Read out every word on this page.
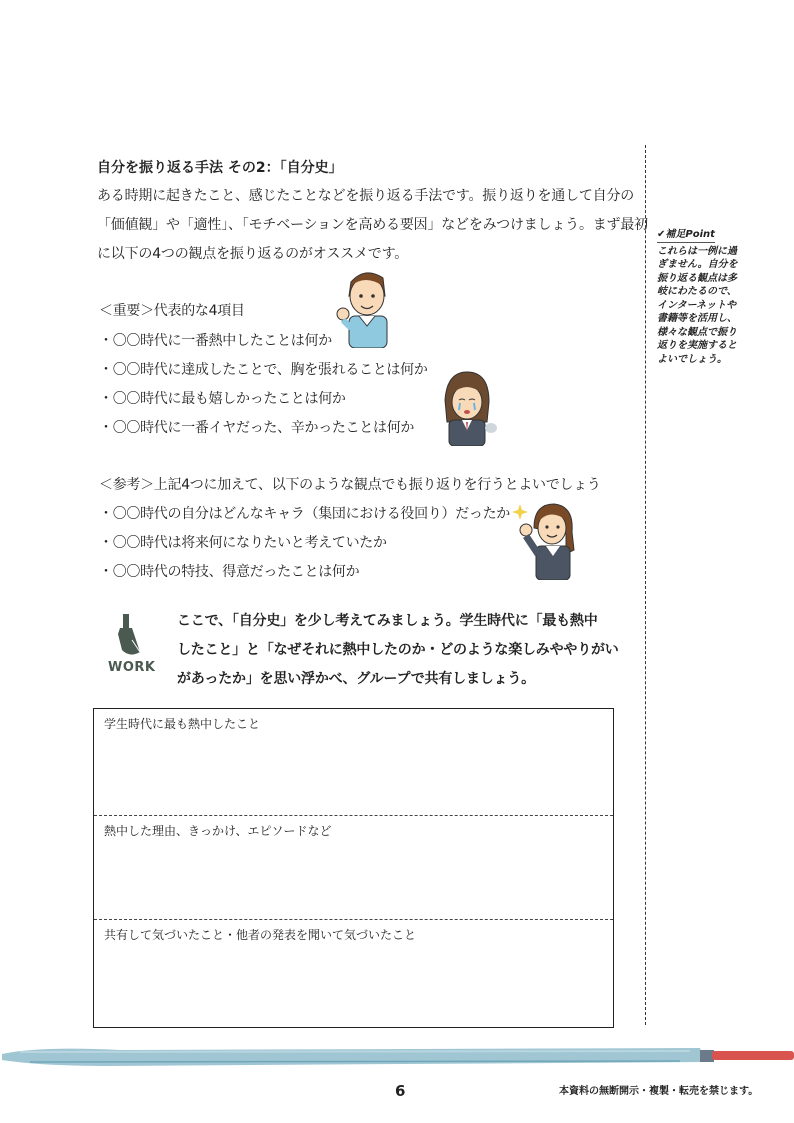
自分を振り返る手法 その2：「自分史」
ある時期に起きたこと、感じたことなどを振り返る手法です。振り返りを通して自分の
「価値観」や「適性」、「モチベーションを高める要因」などをみつけましょう。まず最初
に以下の4つの観点を振り返るのがオススメです。
＜重要＞代表的な4項目
・〇〇時代に一番熱中したことは何か
・〇〇時代に達成したことで、胸を張れることは何か
・〇〇時代に最も嬉しかったことは何か
・〇〇時代に一番イヤだった、辛かったことは何か
＜参考＞上記4つに加えて、以下のような観点でも振り返りを行うとよいでしょう
・〇〇時代の自分はどんなキャラ（集団における役回り）だったか
・〇〇時代は将来何になりたいと考えていたか
・〇〇時代の特技、得意だったことは何か
✔補足Point
これらは一例に過
ぎません。自分を
振り返る観点は多
岐にわたるので、
インターネットや
書籍等を活用し、
様々な観点で振り
返りを実施すると
よいでしょう。
WORK
ここで、「自分史」を少し考えてみましょう。学生時代に「最も熱中
したこと」と「なぜそれに熱中したのか・どのような楽しみややりがい
があったか」を思い浮かべ、グループで共有しましょう。
学生時代に最も熱中したこと
熱中した理由、きっかけ、エピソードなど
共有して気づいたこと・他者の発表を聞いて気づいたこと
6	本資料の無断開示・複製・転売を禁じます。
